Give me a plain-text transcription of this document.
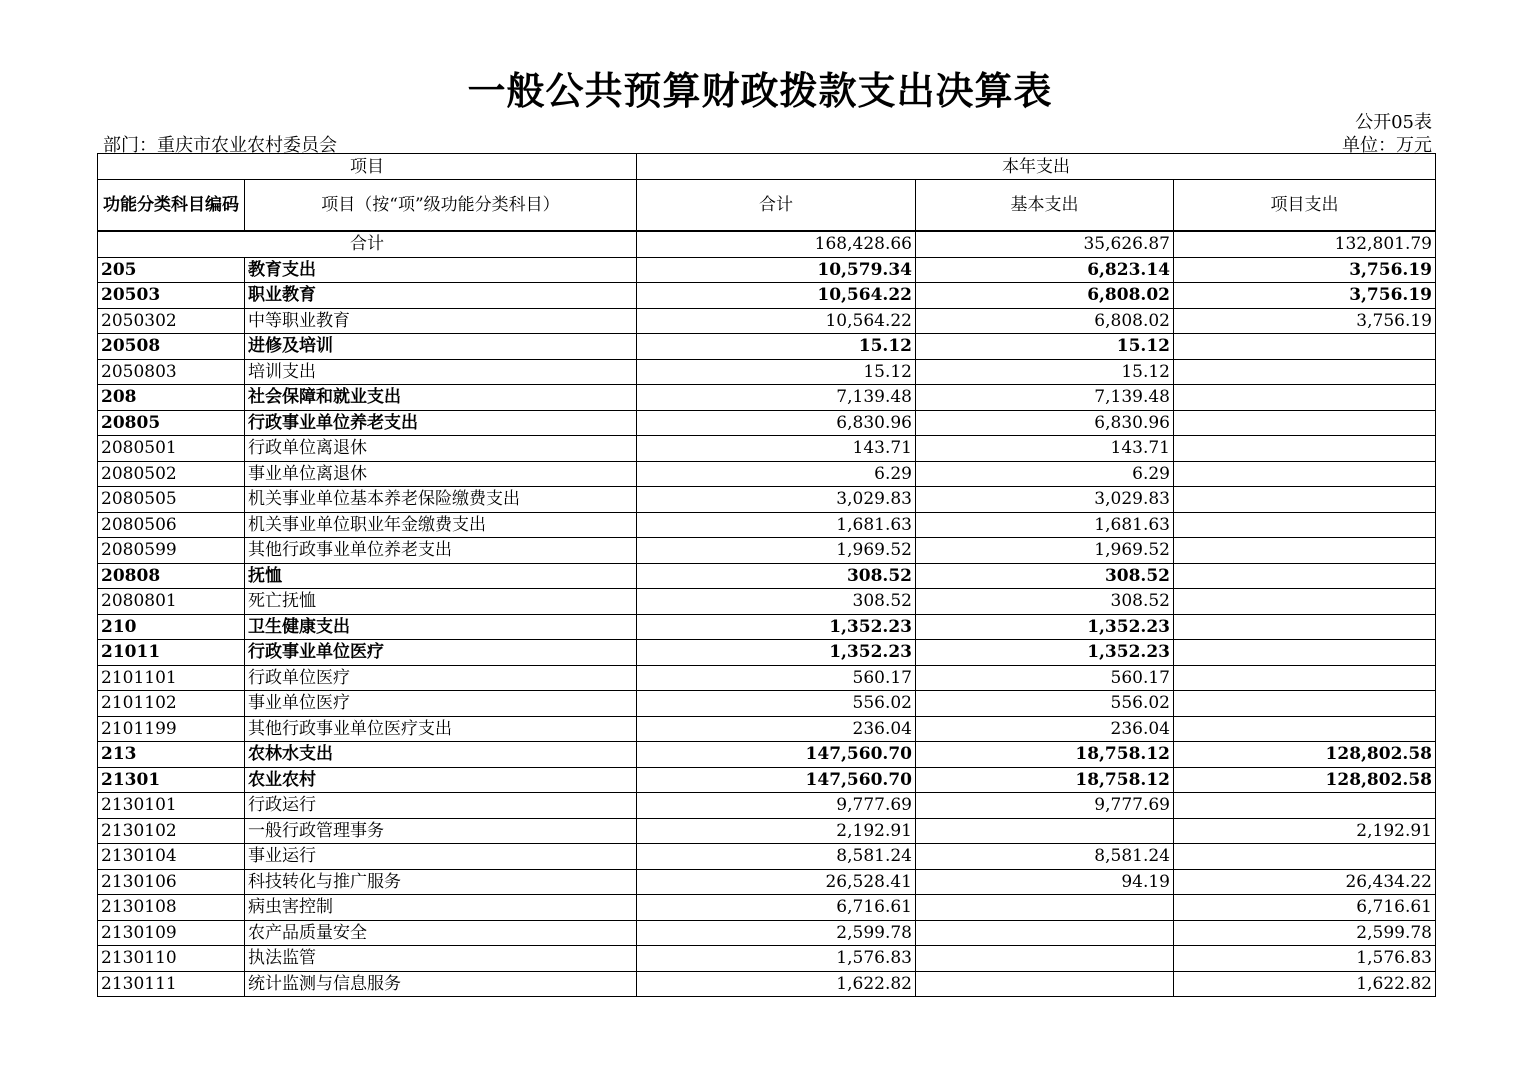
一般公共预算财政拨款支出决算表
公开05表
部门：重庆市农业农村委员会	单位：万元
项目		本年支出		
功能分类科目编码	项目（按“项”级功能分类科目）	合计	基本支出	项目支出
合计		168,428.66	35,626.87	132,801.79
205	教育支出	10,579.34	6,823.14	3,756.19
20503	职业教育	10,564.22	6,808.02	3,756.19
2050302	中等职业教育	10,564.22	6,808.02	3,756.19
20508	进修及培训	15.12	15.12	
2050803	培训支出	15.12	15.12	
208	社会保障和就业支出	7,139.48	7,139.48	
20805	行政事业单位养老支出	6,830.96	6,830.96	
2080501	行政单位离退休	143.71	143.71	
2080502	事业单位离退休	6.29	6.29	
2080505	机关事业单位基本养老保险缴费支出	3,029.83	3,029.83	
2080506	机关事业单位职业年金缴费支出	1,681.63	1,681.63	
2080599	其他行政事业单位养老支出	1,969.52	1,969.52	
20808	抚恤	308.52	308.52	
2080801	死亡抚恤	308.52	308.52	
210	卫生健康支出	1,352.23	1,352.23	
21011	行政事业单位医疗	1,352.23	1,352.23	
2101101	行政单位医疗	560.17	560.17	
2101102	事业单位医疗	556.02	556.02	
2101199	其他行政事业单位医疗支出	236.04	236.04	
213	农林水支出	147,560.70	18,758.12	128,802.58
21301	农业农村	147,560.70	18,758.12	128,802.58
2130101	行政运行	9,777.69	9,777.69	
2130102	一般行政管理事务	2,192.91		2,192.91
2130104	事业运行	8,581.24	8,581.24	
2130106	科技转化与推广服务	26,528.41	94.19	26,434.22
2130108	病虫害控制	6,716.61		6,716.61
2130109	农产品质量安全	2,599.78		2,599.78
2130110	执法监管	1,576.83		1,576.83
2130111	统计监测与信息服务	1,622.82		1,622.82
